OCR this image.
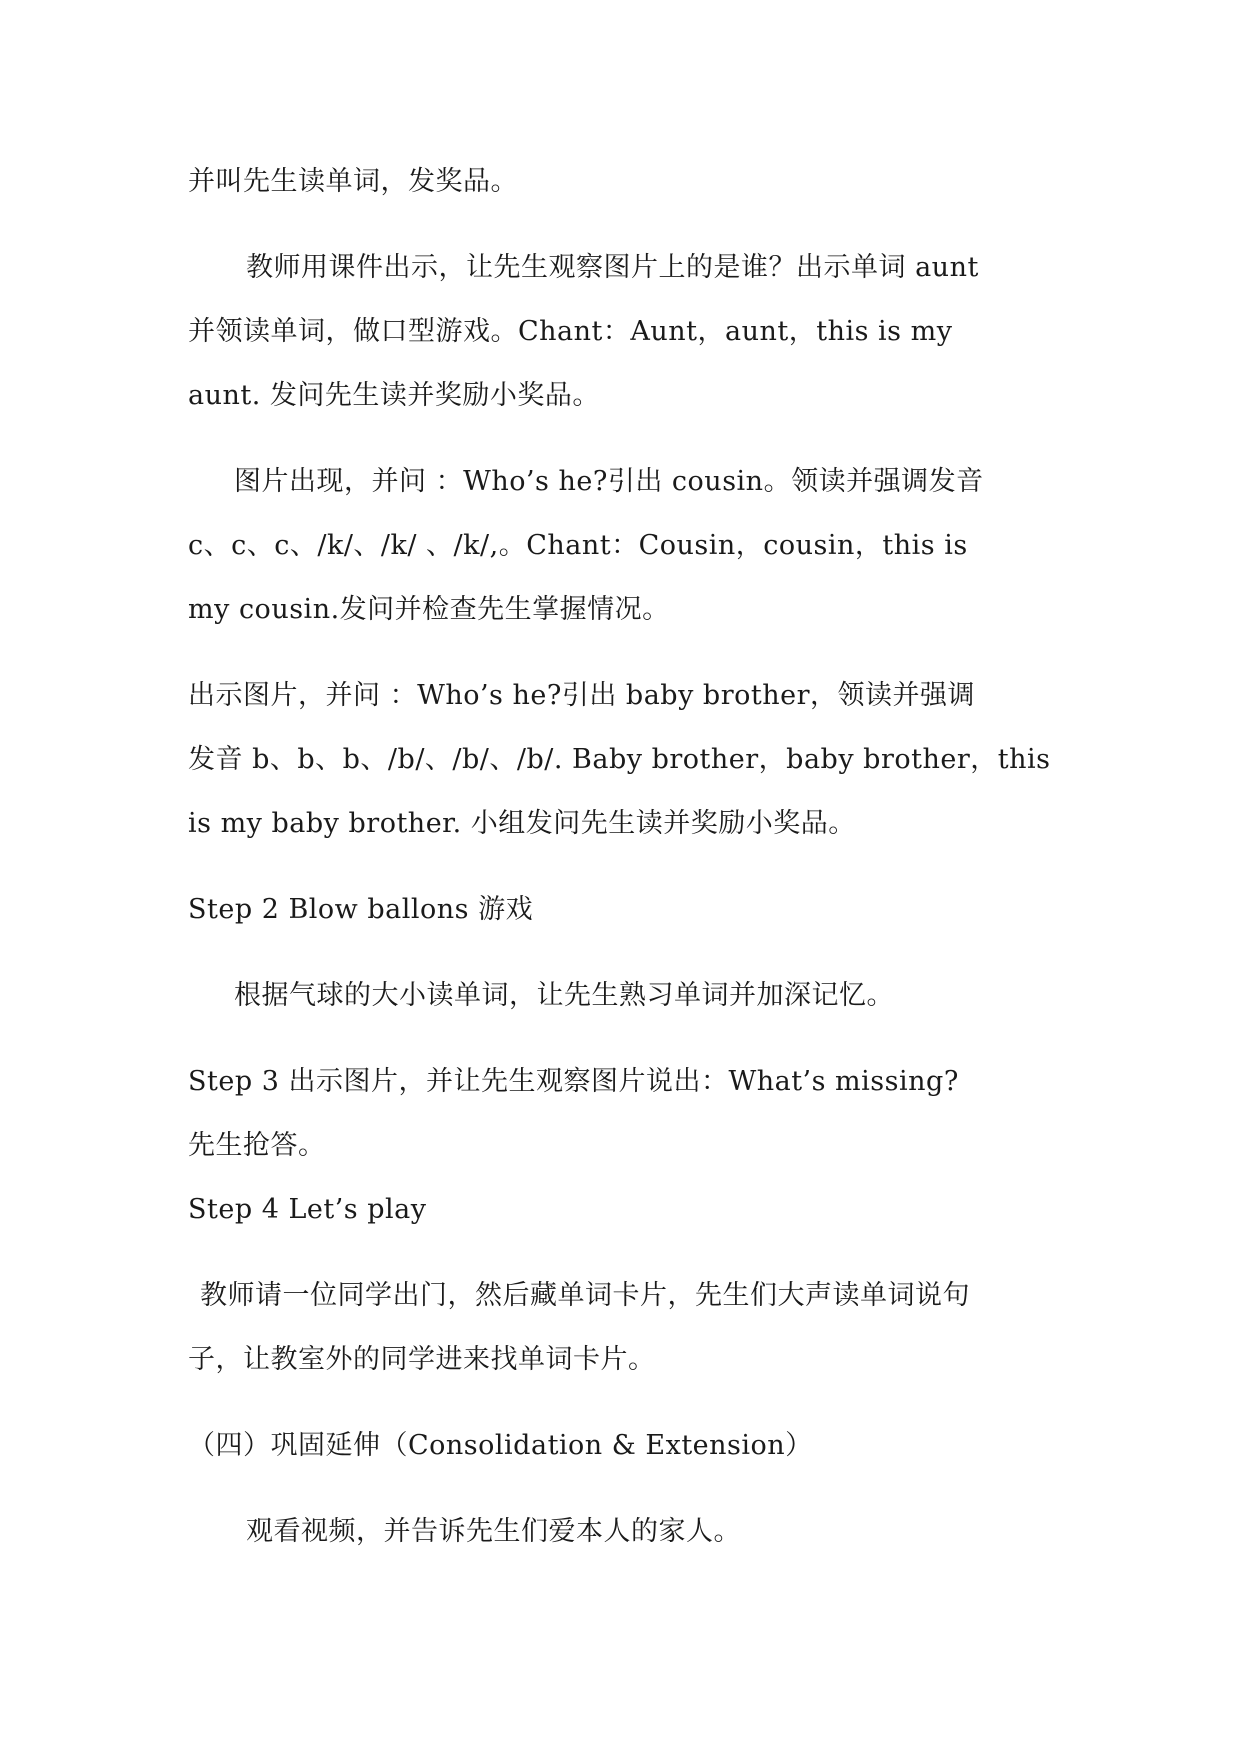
并叫先生读单词，发奖品。
教师用课件出示，让先生观察图片上的是谁？出示单词 aunt
并领读单词，做口型游戏。Chant：Aunt，aunt，this is my
aunt. 发问先生读并奖励小奖品。
图片出现，并问 ：Who’s he?引出 cousin。领读并强调发音
c、c、c、/k/、/k/ 、/k/,。Chant：Cousin，cousin，this is
my cousin.发问并检查先生掌握情况。
出示图片，并问 ：Who’s he?引出 baby brother，领读并强调
发音 b、b、b、/b/、/b/、/b/. Baby brother，baby brother，this
is my baby brother. 小组发问先生读并奖励小奖品。
Step 2 Blow ballons 游戏
根据气球的大小读单词，让先生熟习单词并加深记忆。
Step 3 出示图片，并让先生观察图片说出：What’s missing?
先生抢答。
Step 4 Let’s play
教师请一位同学出门，然后藏单词卡片，先生们大声读单词说句
子，让教室外的同学进来找单词卡片。
（四）巩固延伸（Consolidation & Extension）
观看视频，并告诉先生们爱本人的家人。
